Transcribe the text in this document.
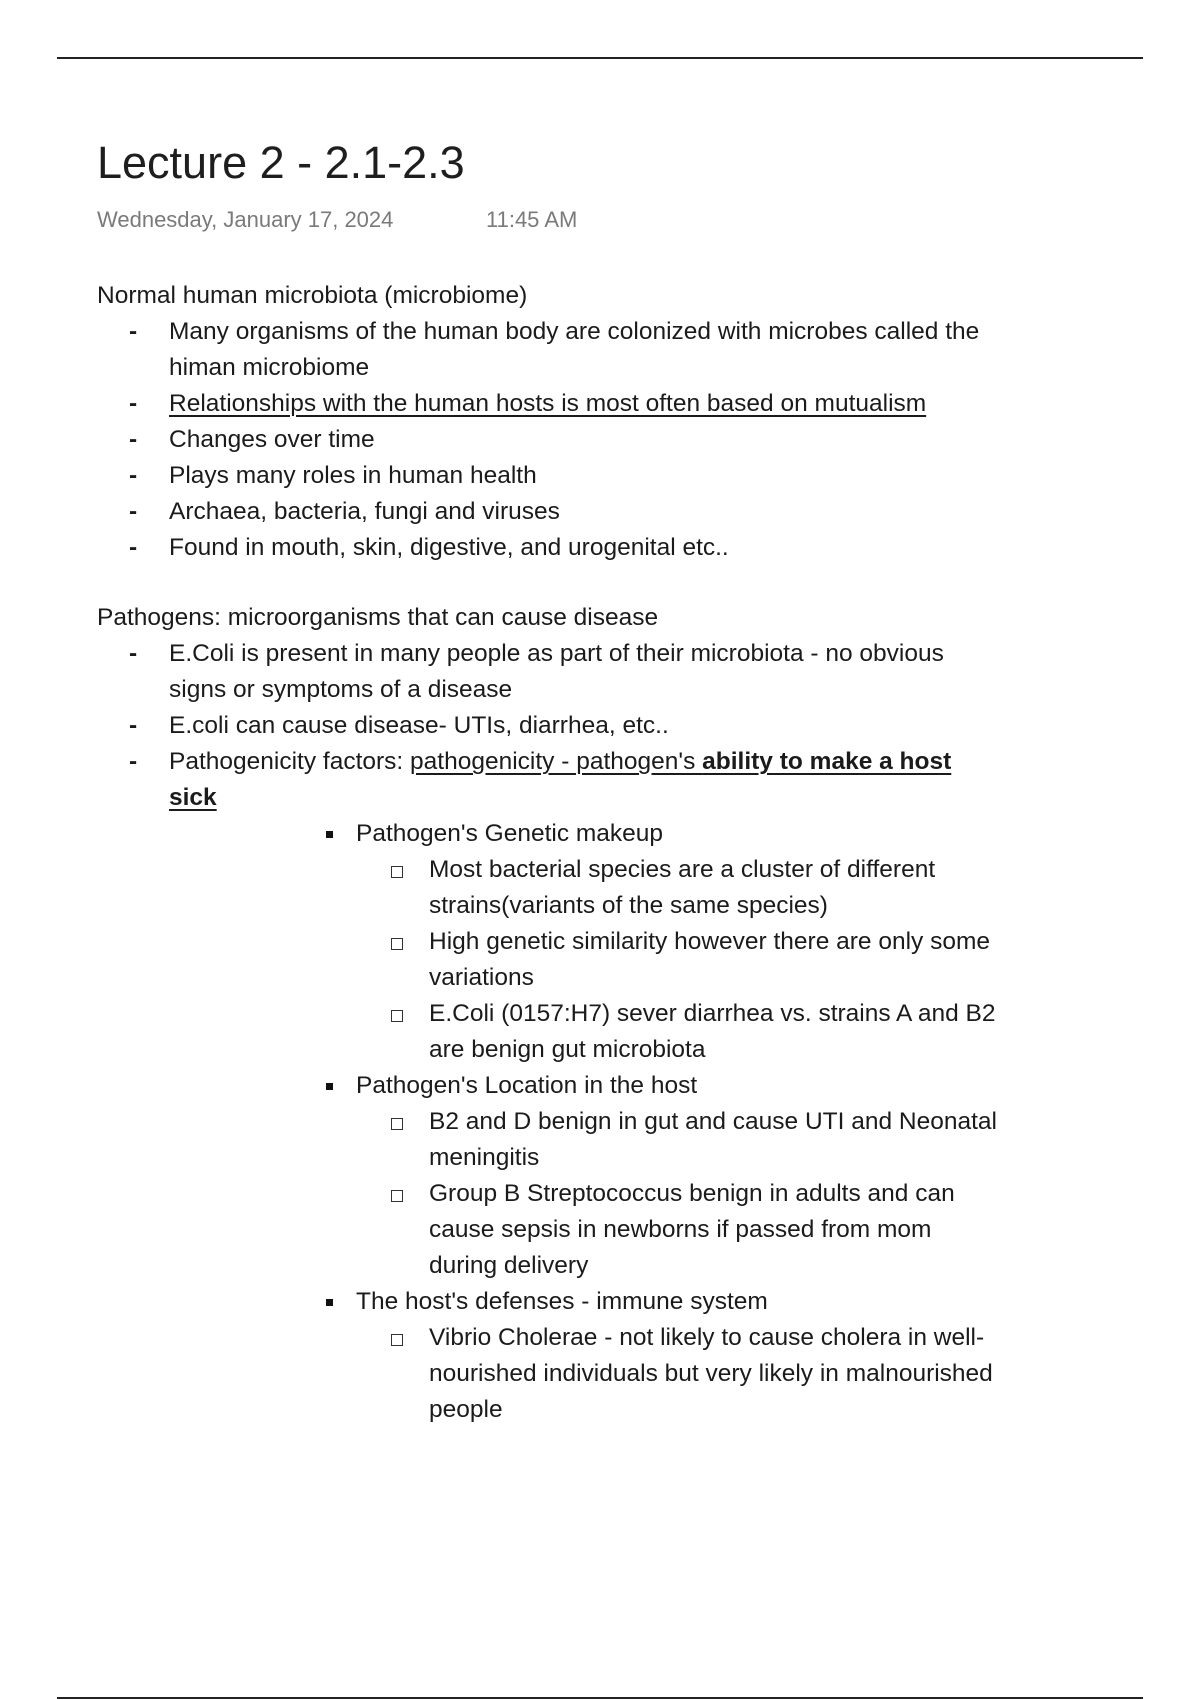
Lecture 2 - 2.1-2.3
Wednesday, January 17, 2024	11:45 AM

Normal human microbiota (microbiome)

- Many organisms of the human body are colonized with microbes called the himan microbiome
- Relationships with the human hosts is most often based on mutualism
- Changes over time
- Plays many roles in human health
- Archaea, bacteria, fungi and viruses
- Found in mouth, skin, digestive, and urogenital etc..

Pathogens: microorganisms that can cause disease

- E.Coli is present in many people as part of their microbiota - no obvious signs or symptoms of a disease
- E.coli can cause disease- UTIs, diarrhea, etc..
- Pathogenicity factors: pathogenicity - pathogen's ability to make a host sick
Pathogen's Genetic makeup
Most bacterial species are a cluster of different strains(variants of the same species)
High genetic similarity however there are only some variations
E.Coli (0157:H7) sever diarrhea vs. strains A and B2 are benign gut microbiota
Pathogen's Location in the host
B2 and D benign in gut and cause UTI and Neonatal meningitis
Group B Streptococcus benign in adults and can cause sepsis in newborns if passed from mom during delivery
The host's defenses - immune system
Vibrio Cholerae - not likely to cause cholera in well-nourished individuals but very likely in malnourished people
